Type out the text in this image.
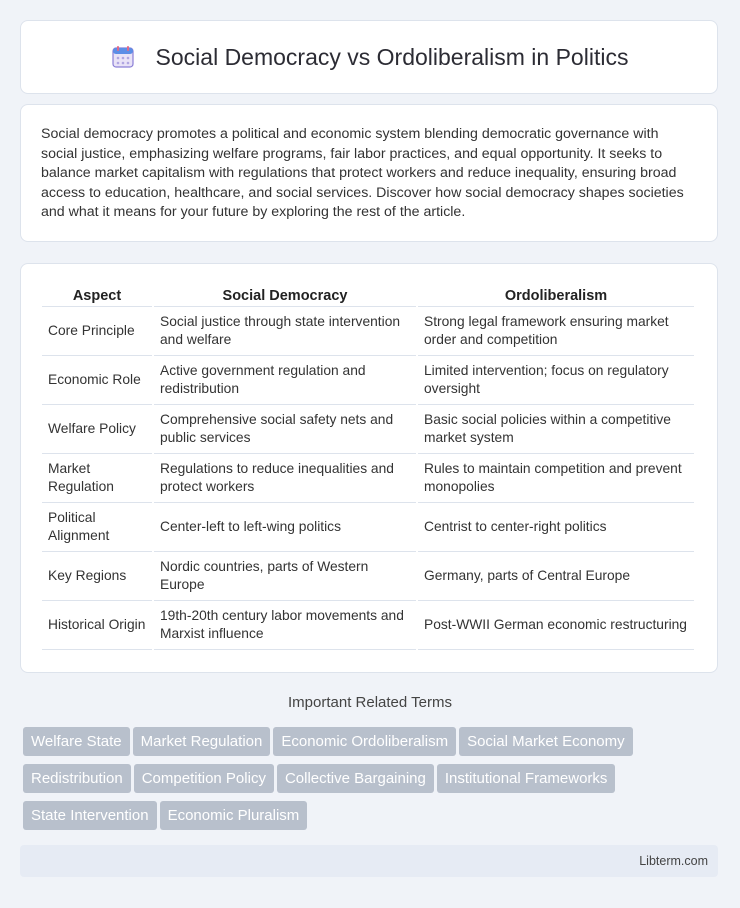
Social Democracy vs Ordoliberalism in Politics

Social democracy promotes a political and economic system blending democratic governance with social justice, emphasizing welfare programs, fair labor practices, and equal opportunity. It seeks to balance market capitalism with regulations that protect workers and reduce inequality, ensuring broad access to education, healthcare, and social services. Discover how social democracy shapes societies and what it means for your future by exploring the rest of the article.

Aspect	Social Democracy	Ordoliberalism
Core Principle	Social justice through state intervention and welfare	Strong legal framework ensuring market order and competition
Economic Role	Active government regulation and redistribution	Limited intervention; focus on regulatory oversight
Welfare Policy	Comprehensive social safety nets and public services	Basic social policies within a competitive market system
Market Regulation	Regulations to reduce inequalities and protect workers	Rules to maintain competition and prevent monopolies
Political Alignment	Center-left to left-wing politics	Centrist to center-right politics
Key Regions	Nordic countries, parts of Western Europe	Germany, parts of Central Europe
Historical Origin	19th-20th century labor movements and Marxist influence	Post-WWII German economic restructuring
Important Related Terms
Welfare State Market Regulation Economic Ordoliberalism Social Market Economy
Redistribution Competition Policy Collective Bargaining Institutional Frameworks
State Intervention Economic Pluralism
Libterm.com
